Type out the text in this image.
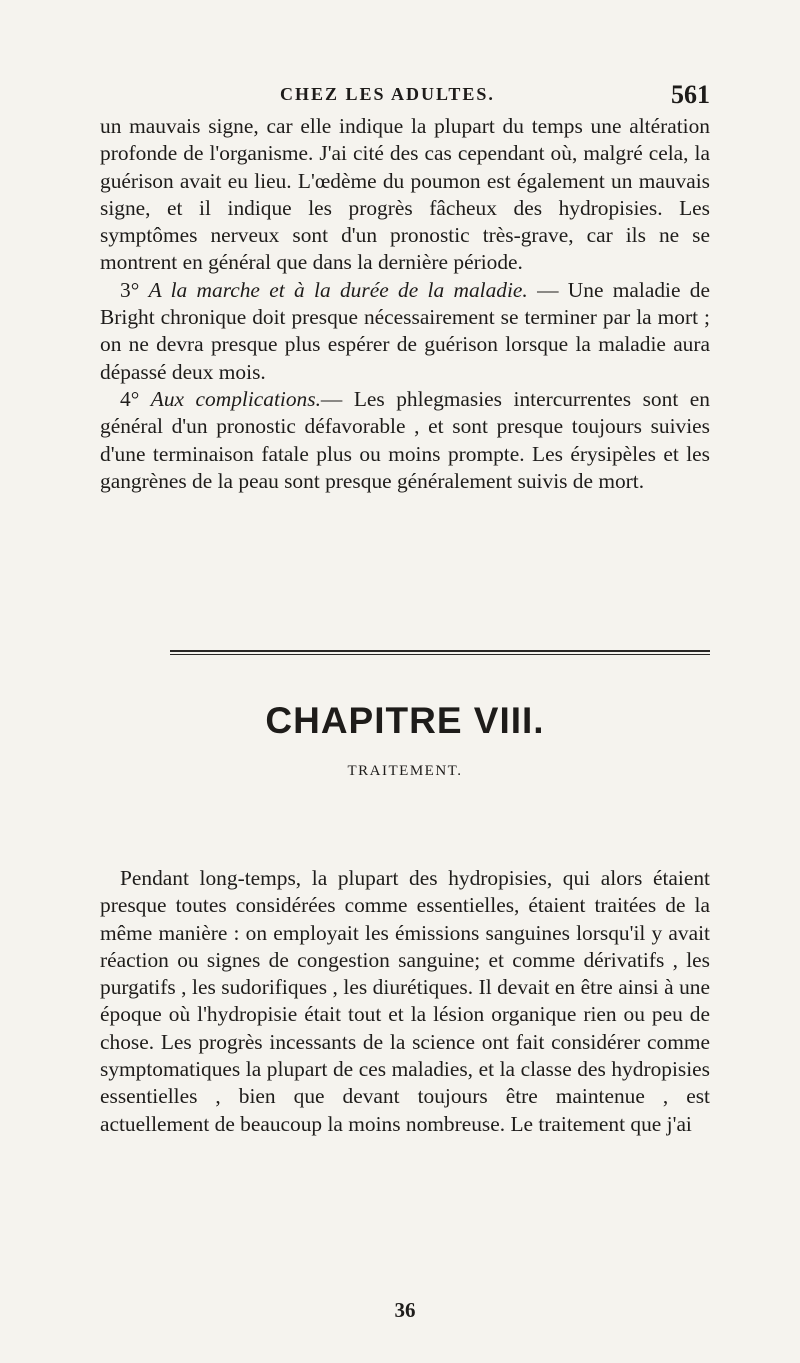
CHEZ LES ADULTES.	561

un mauvais signe, car elle indique la plupart du temps une altération profonde de l'organisme. J'ai cité des cas cependant où, malgré cela, la guérison avait eu lieu. L'œdème du poumon est également un mauvais signe, et il indique les progrès fâcheux des hydropisies. Les symptômes nerveux sont d'un pronostic très-grave, car ils ne se montrent en général que dans la dernière période.

3° A la marche et à la durée de la maladie. — Une maladie de Bright chronique doit presque nécessairement se terminer par la mort ; on ne devra presque plus espérer de guérison lorsque la maladie aura dépassé deux mois.

4° Aux complications.— Les phlegmasies intercurrentes sont en général d'un pronostic défavorable , et sont presque toujours suivies d'une terminaison fatale plus ou moins prompte. Les érysipèles et les gangrènes de la peau sont presque généralement suivis de mort.

CHAPITRE VIII.
TRAITEMENT.

Pendant long-temps, la plupart des hydropisies, qui alors étaient presque toutes considérées comme essentielles, étaient traitées de la même manière : on employait les émissions sanguines lorsqu'il y avait réaction ou signes de congestion sanguine; et comme dérivatifs , les purgatifs , les sudorifiques , les diurétiques. Il devait en être ainsi à une époque où l'hydropisie était tout et la lésion organique rien ou peu de chose. Les progrès incessants de la science ont fait considérer comme symptomatiques la plupart de ces maladies, et la classe des hydropisies essentielles , bien que devant toujours être maintenue , est actuellement de beaucoup la moins nombreuse. Le traitement que j'ai

36
